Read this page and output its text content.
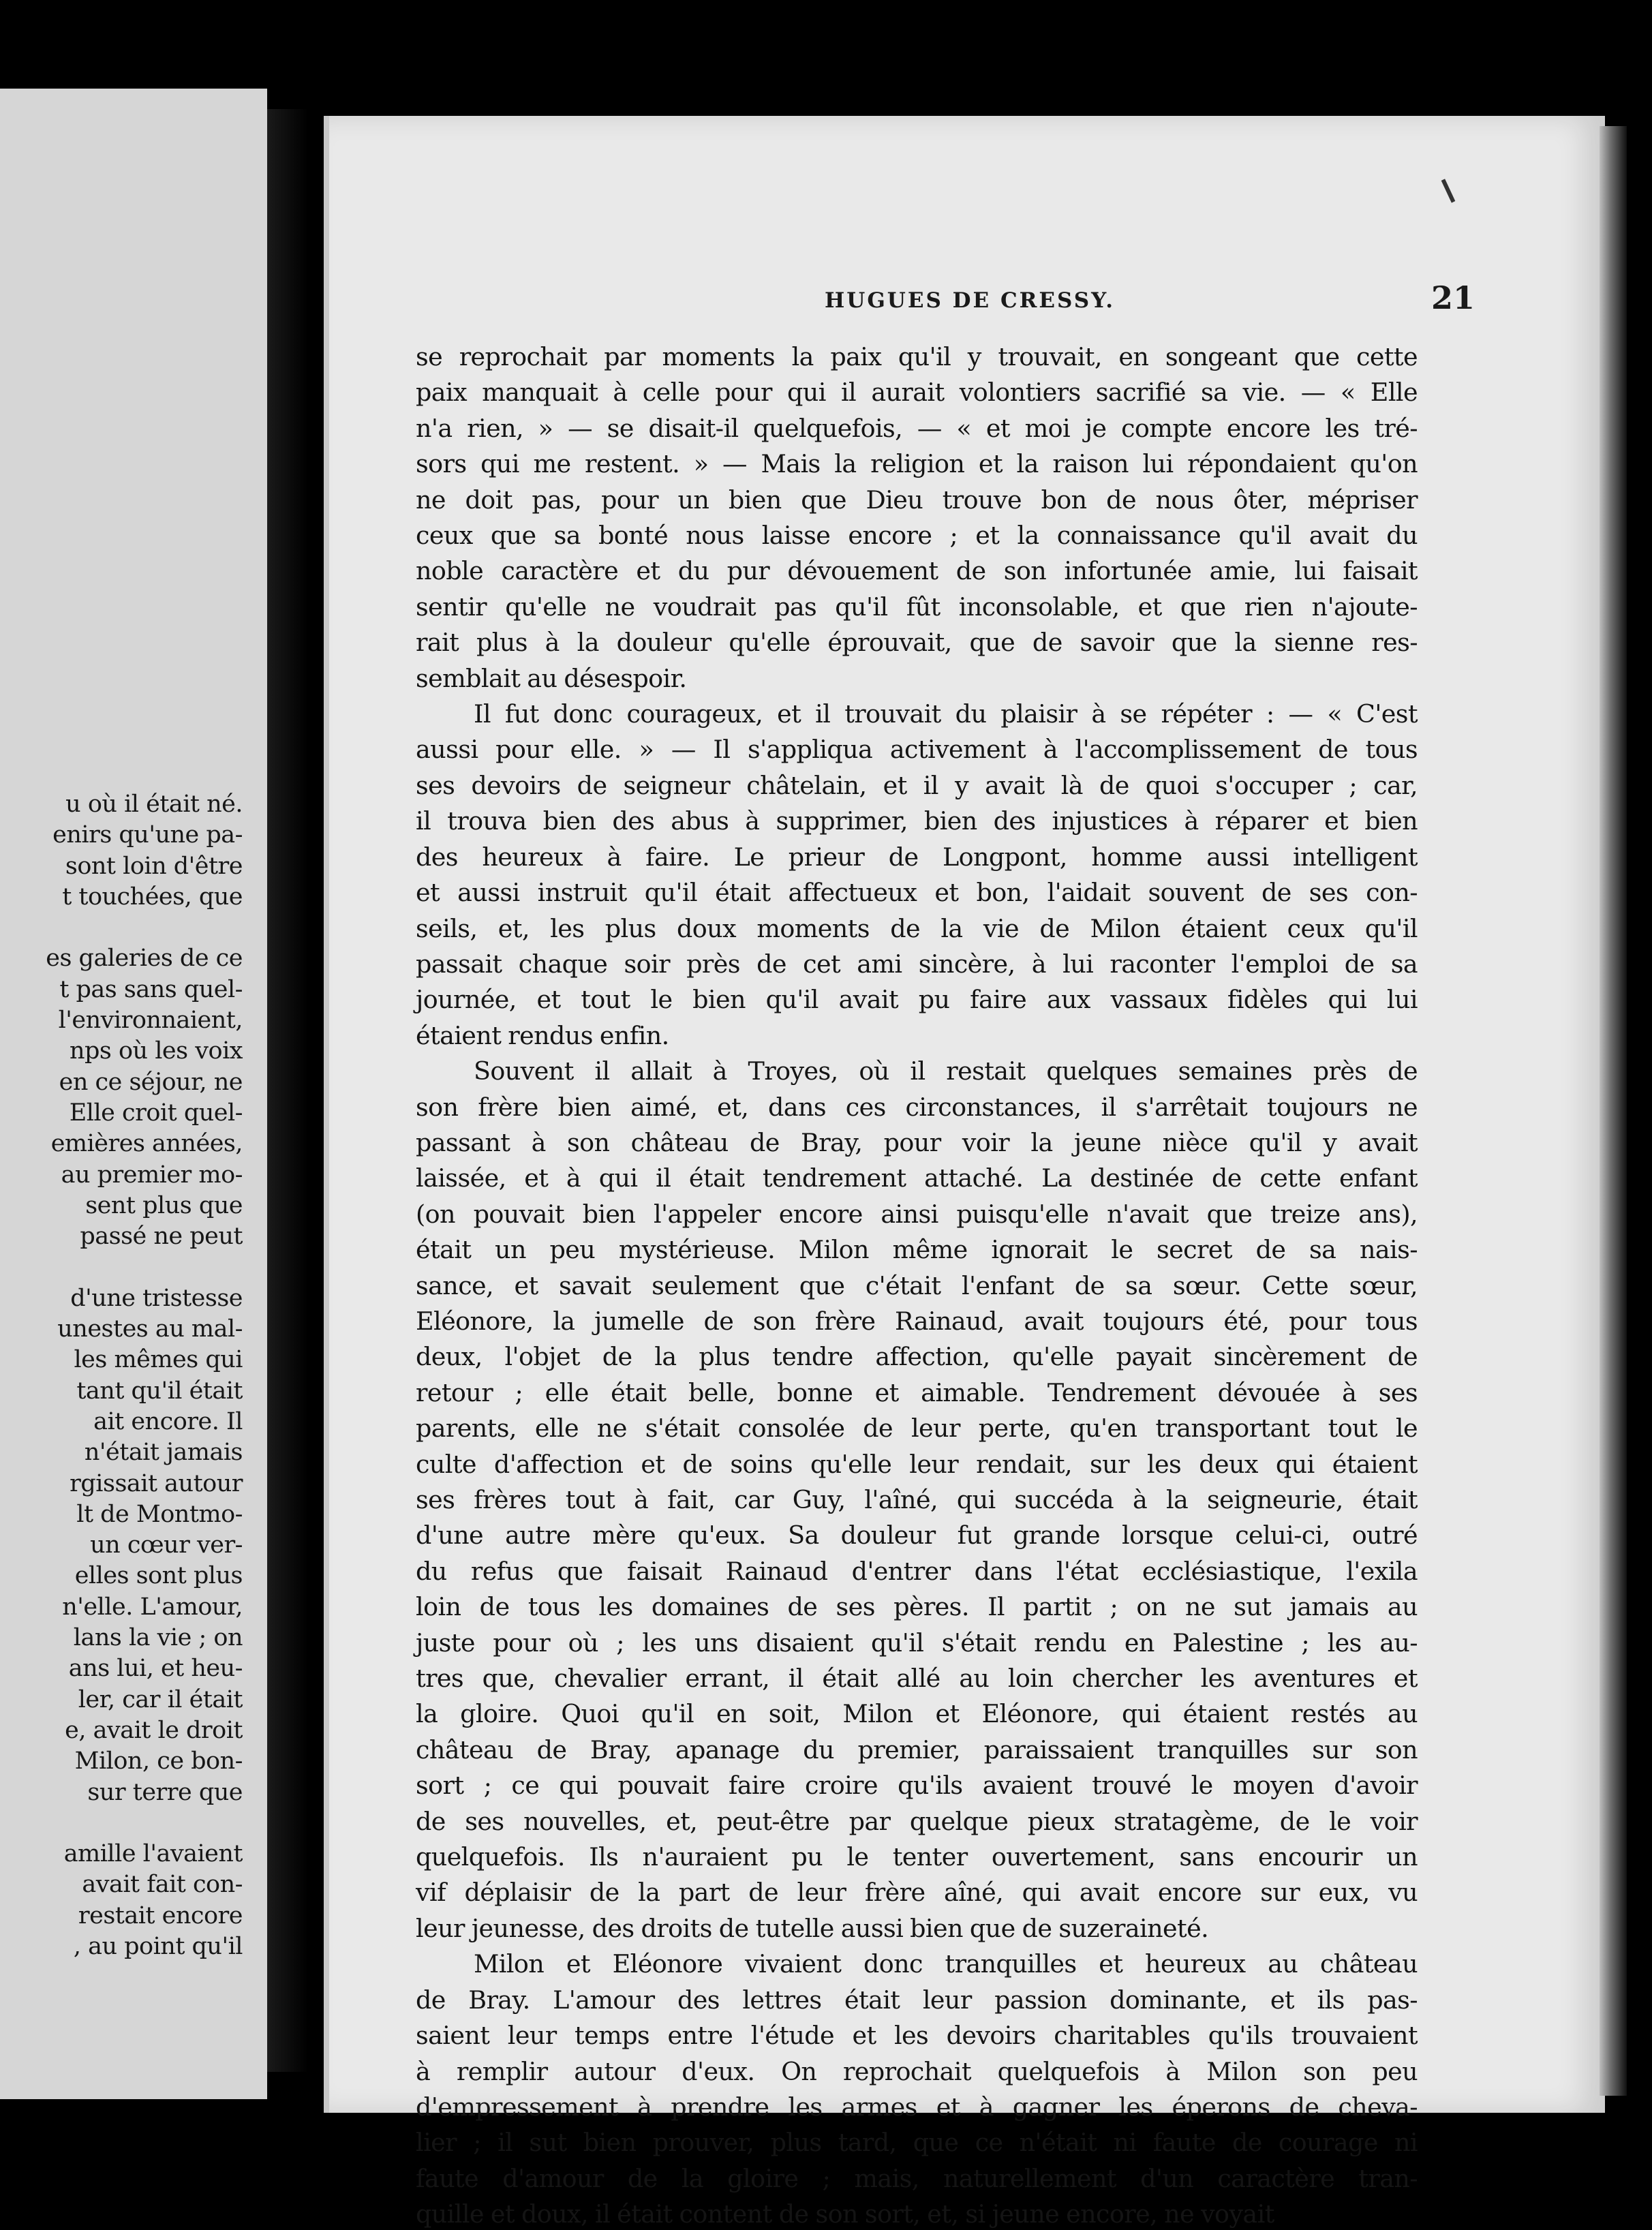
u où il était né.
enirs qu'une pa-
sont loin d'être
t touchées, que

es galeries de ce
t pas sans quel-
l'environnaient,
nps où les voix
en ce séjour, ne
Elle croit quel-
emières années,
au premier mo-
sent plus que
passé ne peut

d'une tristesse
unestes au mal-
les mêmes qui
tant qu'il était
ait encore. Il
n'était jamais
rgissait autour
lt de Montmo-
un cœur ver-
elles sont plus
n'elle. L'amour,
lans la vie ; on
ans lui, et heu-
ler, car il était
e, avait le droit
Milon, ce bon-
sur terre que

amille l'avaient
avait fait con-
restait encore
, au point qu'il

HUGUES DE CRESSY.	21

se reprochait par moments la paix qu'il y trouvait, en songeant que cette
paix manquait à celle pour qui il aurait volontiers sacrifié sa vie. — « Elle
n'a rien, » — se disait-il quelquefois, — « et moi je compte encore les tré-
sors qui me restent. » — Mais la religion et la raison lui répondaient qu'on
ne doit pas, pour un bien que Dieu trouve bon de nous ôter, mépriser
ceux que sa bonté nous laisse encore ; et la connaissance qu'il avait du
noble caractère et du pur dévouement de son infortunée amie, lui faisait
sentir qu'elle ne voudrait pas qu'il fût inconsolable, et que rien n'ajoute-
rait plus à la douleur qu'elle éprouvait, que de savoir que la sienne res-
semblait au désespoir.
Il fut donc courageux, et il trouvait du plaisir à se répéter : — « C'est
aussi pour elle. » — Il s'appliqua activement à l'accomplissement de tous
ses devoirs de seigneur châtelain, et il y avait là de quoi s'occuper ; car,
il trouva bien des abus à supprimer, bien des injustices à réparer et bien
des heureux à faire. Le prieur de Longpont, homme aussi intelligent
et aussi instruit qu'il était affectueux et bon, l'aidait souvent de ses con-
seils, et, les plus doux moments de la vie de Milon étaient ceux qu'il
passait chaque soir près de cet ami sincère, à lui raconter l'emploi de sa
journée, et tout le bien qu'il avait pu faire aux vassaux fidèles qui lui
étaient rendus enfin.
Souvent il allait à Troyes, où il restait quelques semaines près de
son frère bien aimé, et, dans ces circonstances, il s'arrêtait toujours ne
passant à son château de Bray, pour voir la jeune nièce qu'il y avait
laissée, et à qui il était tendrement attaché. La destinée de cette enfant
(on pouvait bien l'appeler encore ainsi puisqu'elle n'avait que treize ans),
était un peu mystérieuse. Milon même ignorait le secret de sa nais-
sance, et savait seulement que c'était l'enfant de sa sœur. Cette sœur,
Eléonore, la jumelle de son frère Rainaud, avait toujours été, pour tous
deux, l'objet de la plus tendre affection, qu'elle payait sincèrement de
retour ; elle était belle, bonne et aimable. Tendrement dévouée à ses
parents, elle ne s'était consolée de leur perte, qu'en transportant tout le
culte d'affection et de soins qu'elle leur rendait, sur les deux qui étaient
ses frères tout à fait, car Guy, l'aîné, qui succéda à la seigneurie, était
d'une autre mère qu'eux. Sa douleur fut grande lorsque celui-ci, outré
du refus que faisait Rainaud d'entrer dans l'état ecclésiastique, l'exila
loin de tous les domaines de ses pères. Il partit ; on ne sut jamais au
juste pour où ; les uns disaient qu'il s'était rendu en Palestine ; les au-
tres que, chevalier errant, il était allé au loin chercher les aventures et
la gloire. Quoi qu'il en soit, Milon et Eléonore, qui étaient restés au
château de Bray, apanage du premier, paraissaient tranquilles sur son
sort ; ce qui pouvait faire croire qu'ils avaient trouvé le moyen d'avoir
de ses nouvelles, et, peut-être par quelque pieux stratagème, de le voir
quelquefois. Ils n'auraient pu le tenter ouvertement, sans encourir un
vif déplaisir de la part de leur frère aîné, qui avait encore sur eux, vu
leur jeunesse, des droits de tutelle aussi bien que de suzeraineté.
Milon et Eléonore vivaient donc tranquilles et heureux au château
de Bray. L'amour des lettres était leur passion dominante, et ils pas-
saient leur temps entre l'étude et les devoirs charitables qu'ils trouvaient
à remplir autour d'eux. On reprochait quelquefois à Milon son peu
d'empressement à prendre les armes et à gagner les éperons de cheva-
lier ; il sut bien prouver, plus tard, que ce n'était ni faute de courage ni
faute d'amour de la gloire ; mais, naturellement d'un caractère tran-
quille et doux, il était content de son sort, et, si jeune encore, ne voyait
